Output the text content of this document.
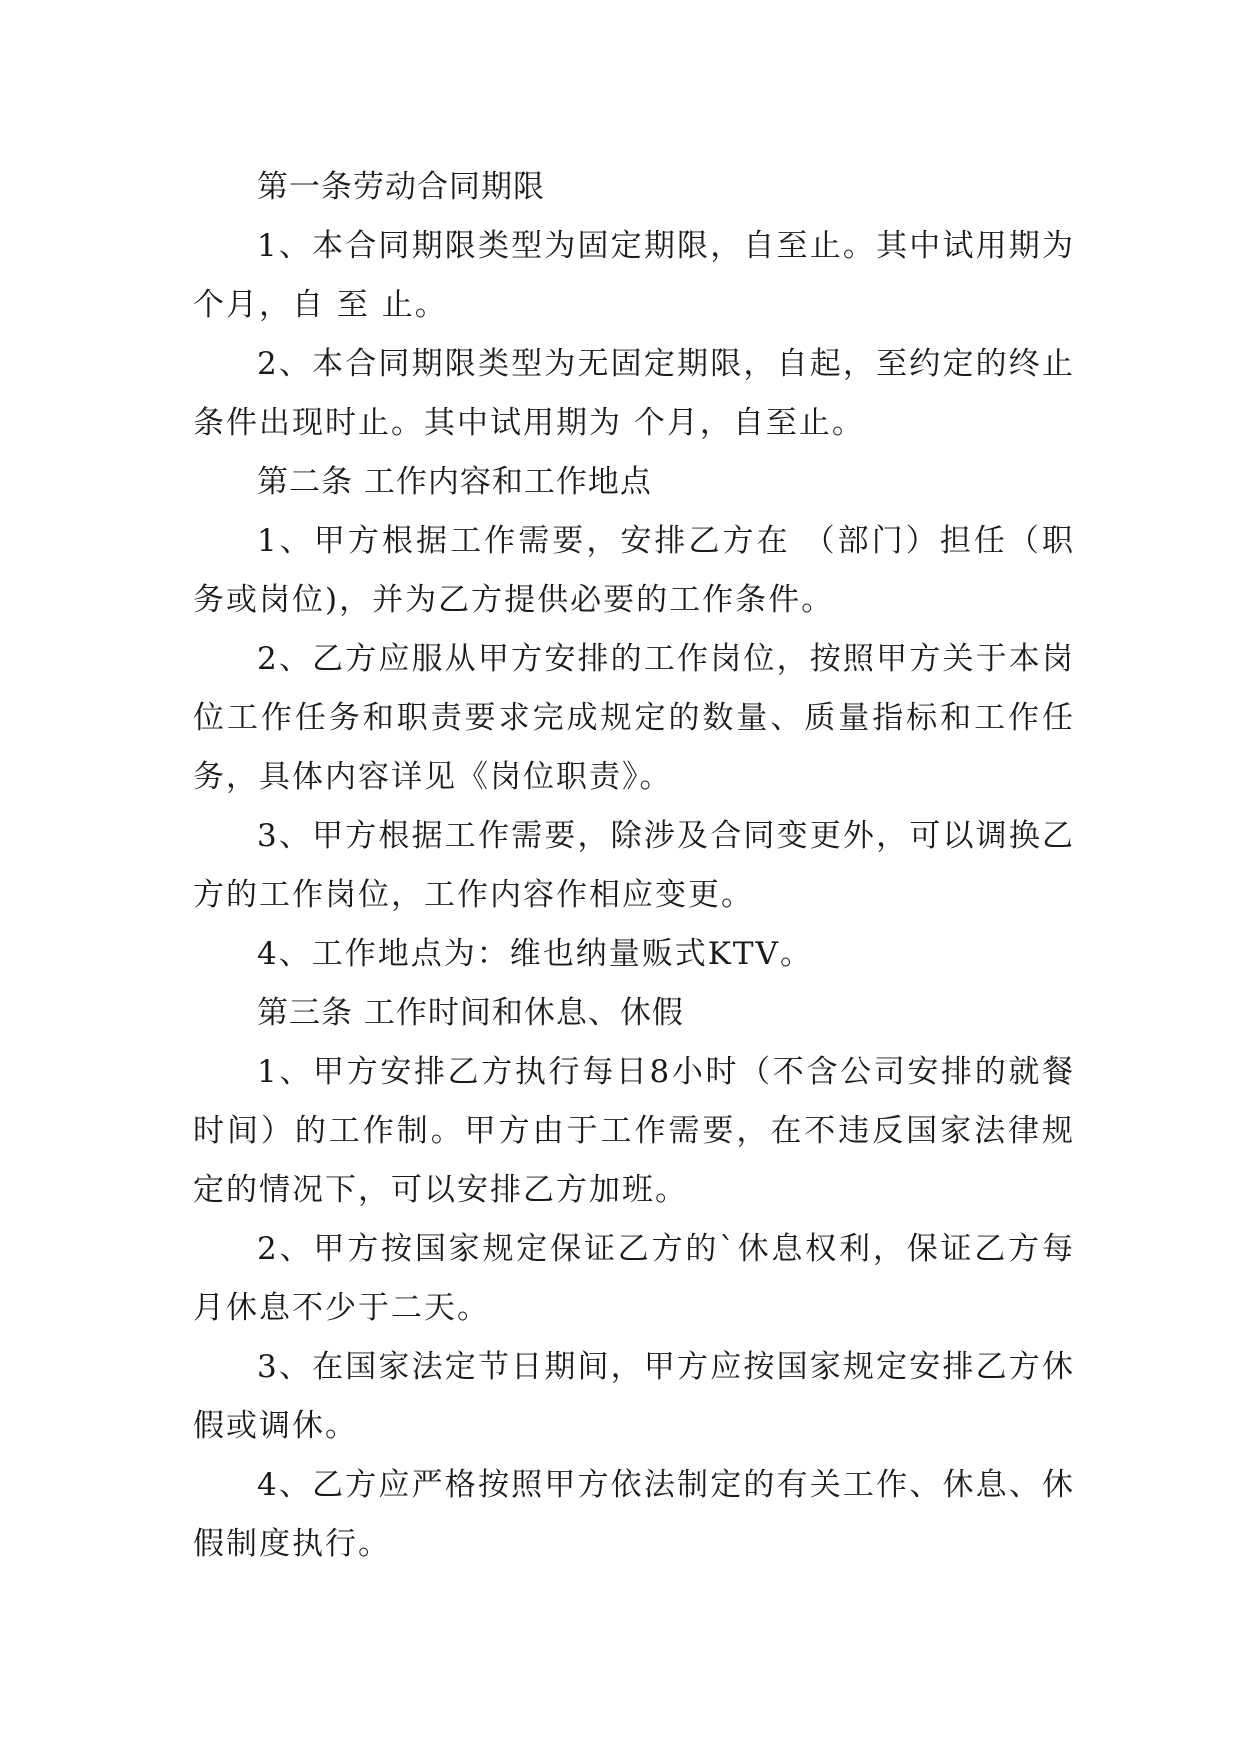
第一条劳动合同期限

1、本合同期限类型为固定期限，自至止。其中试用期为 个月，自 至 止。

2、本合同期限类型为无固定期限，自起，至约定的终止条件出现时止。其中试用期为 个月，自至止。

第二条 工作内容和工作地点

1、甲方根据工作需要，安排乙方在 （部门）担任（职务或岗位)，并为乙方提供必要的工作条件。

2、乙方应服从甲方安排的工作岗位，按照甲方关于本岗位工作任务和职责要求完成规定的数量、质量指标和工作任务，具体内容详见《岗位职责》。

3、甲方根据工作需要，除涉及合同变更外，可以调换乙方的工作岗位，工作内容作相应变更。

4、工作地点为：维也纳量贩式KTV。

第三条 工作时间和休息、休假

1、甲方安排乙方执行每日8小时（不含公司安排的就餐时间）的工作制。甲方由于工作需要，在不违反国家法律规定的情况下，可以安排乙方加班。

2、甲方按国家规定保证乙方的`休息权利，保证乙方每月休息不少于二天。

3、在国家法定节日期间，甲方应按国家规定安排乙方休假或调休。

4、乙方应严格按照甲方依法制定的有关工作、休息、休假制度执行。
